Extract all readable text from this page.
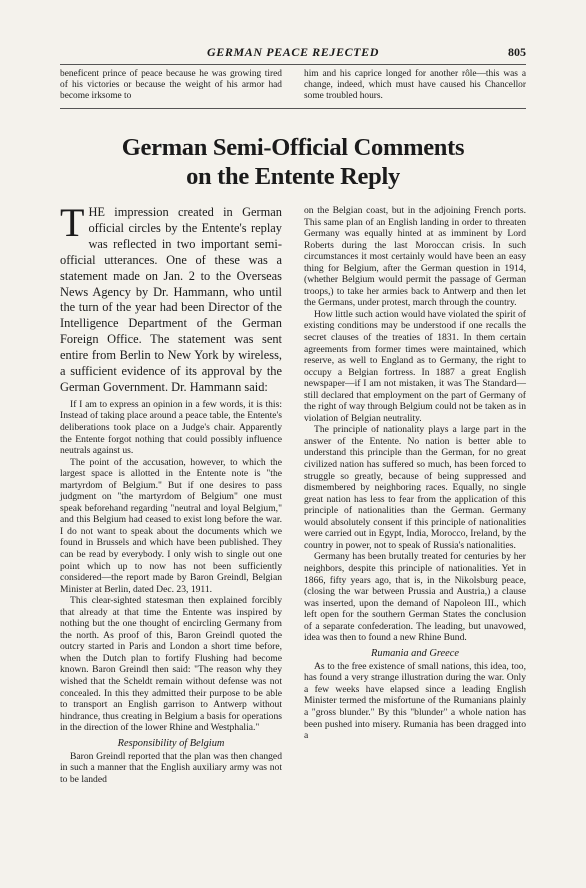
GERMAN PEACE REJECTED	805

beneficent prince of peace because he was growing tired of his victories or because the weight of his armor had become irksome to

him and his caprice longed for another rôle—this was a change, indeed, which must have caused his Chancellor some troubled hours.

German Semi-Official Comments
on the Entente Reply

THE impression created in German official circles by the Entente's replay was reflected in two important semi-official utterances. One of these was a statement made on Jan. 2 to the Overseas News Agency by Dr. Hammann, who until the turn of the year had been Director of the Intelligence Department of the German Foreign Office. The statement was sent entire from Berlin to New York by wireless, a sufficient evidence of its approval by the German Government. Dr. Hammann said:

If I am to express an opinion in a few words, it is this: Instead of taking place around a peace table, the Entente's deliberations took place on a Judge's chair. Apparently the Entente forgot nothing that could possibly influence neutrals against us.

The point of the accusation, however, to which the largest space is allotted in the Entente note is "the martyrdom of Belgium." But if one desires to pass judgment on "the martyrdom of Belgium" one must speak beforehand regarding "neutral and loyal Belgium," and this Belgium had ceased to exist long before the war. I do not want to speak about the documents which we found in Brussels and which have been published. They can be read by everybody. I only wish to single out one point which up to now has not been sufficiently considered—the report made by Baron Greindl, Belgian Minister at Berlin, dated Dec. 23, 1911.

This clear-sighted statesman then explained forcibly that already at that time the Entente was inspired by nothing but the one thought of encircling Germany from the north. As proof of this, Baron Greindl quoted the outcry started in Paris and London a short time before, when the Dutch plan to fortify Flushing had become known. Baron Greindl then said: "The reason why they wished that the Scheldt remain without defense was not concealed. In this they admitted their purpose to be able to transport an English garrison to Antwerp without hindrance, thus creating in Belgium a basis for operations in the direction of the lower Rhine and Westphalia."

Responsibility of Belgium

Baron Greindl reported that the plan was then changed in such a manner that the English auxiliary army was not to be landed

on the Belgian coast, but in the adjoining French ports. This same plan of an English landing in order to threaten Germany was equally hinted at as imminent by Lord Roberts during the last Moroccan crisis. In such circumstances it most certainly would have been an easy thing for Belgium, after the German question in 1914, (whether Belgium would permit the passage of German troops,) to take her armies back to Antwerp and then let the Germans, under protest, march through the country.

How little such action would have violated the spirit of existing conditions may be understood if one recalls the secret clauses of the treaties of 1831. In them certain agreements from former times were maintained, which reserve, as well to England as to Germany, the right to occupy a Belgian fortress. In 1887 a great English newspaper—if I am not mistaken, it was The Standard—still declared that employment on the part of Germany of the right of way through Belgium could not be taken as in violation of Belgian neutrality.

The principle of nationality plays a large part in the answer of the Entente. No nation is better able to understand this principle than the German, for no great civilized nation has suffered so much, has been forced to struggle so greatly, because of being suppressed and dismembered by neighboring races. Equally, no single great nation has less to fear from the application of this principle of nationalities than the German. Germany would absolutely consent if this principle of nationalities were carried out in Egypt, India, Morocco, Ireland, by the country in power, not to speak of Russia's nationalities.

Germany has been brutally treated for centuries by her neighbors, despite this principle of nationalities. Yet in 1866, fifty years ago, that is, in the Nikolsburg peace, (closing the war between Prussia and Austria,) a clause was inserted, upon the demand of Napoleon III., which left open for the southern German States the conclusion of a separate confederation. The leading, but unavowed, idea was then to found a new Rhine Bund.

Rumania and Greece

As to the free existence of small nations, this idea, too, has found a very strange illustration during the war. Only a few weeks have elapsed since a leading English Minister termed the misfortune of the Rumanians plainly a "gross blunder." By this "blunder" a whole nation has been pushed into misery. Rumania has been dragged into a
